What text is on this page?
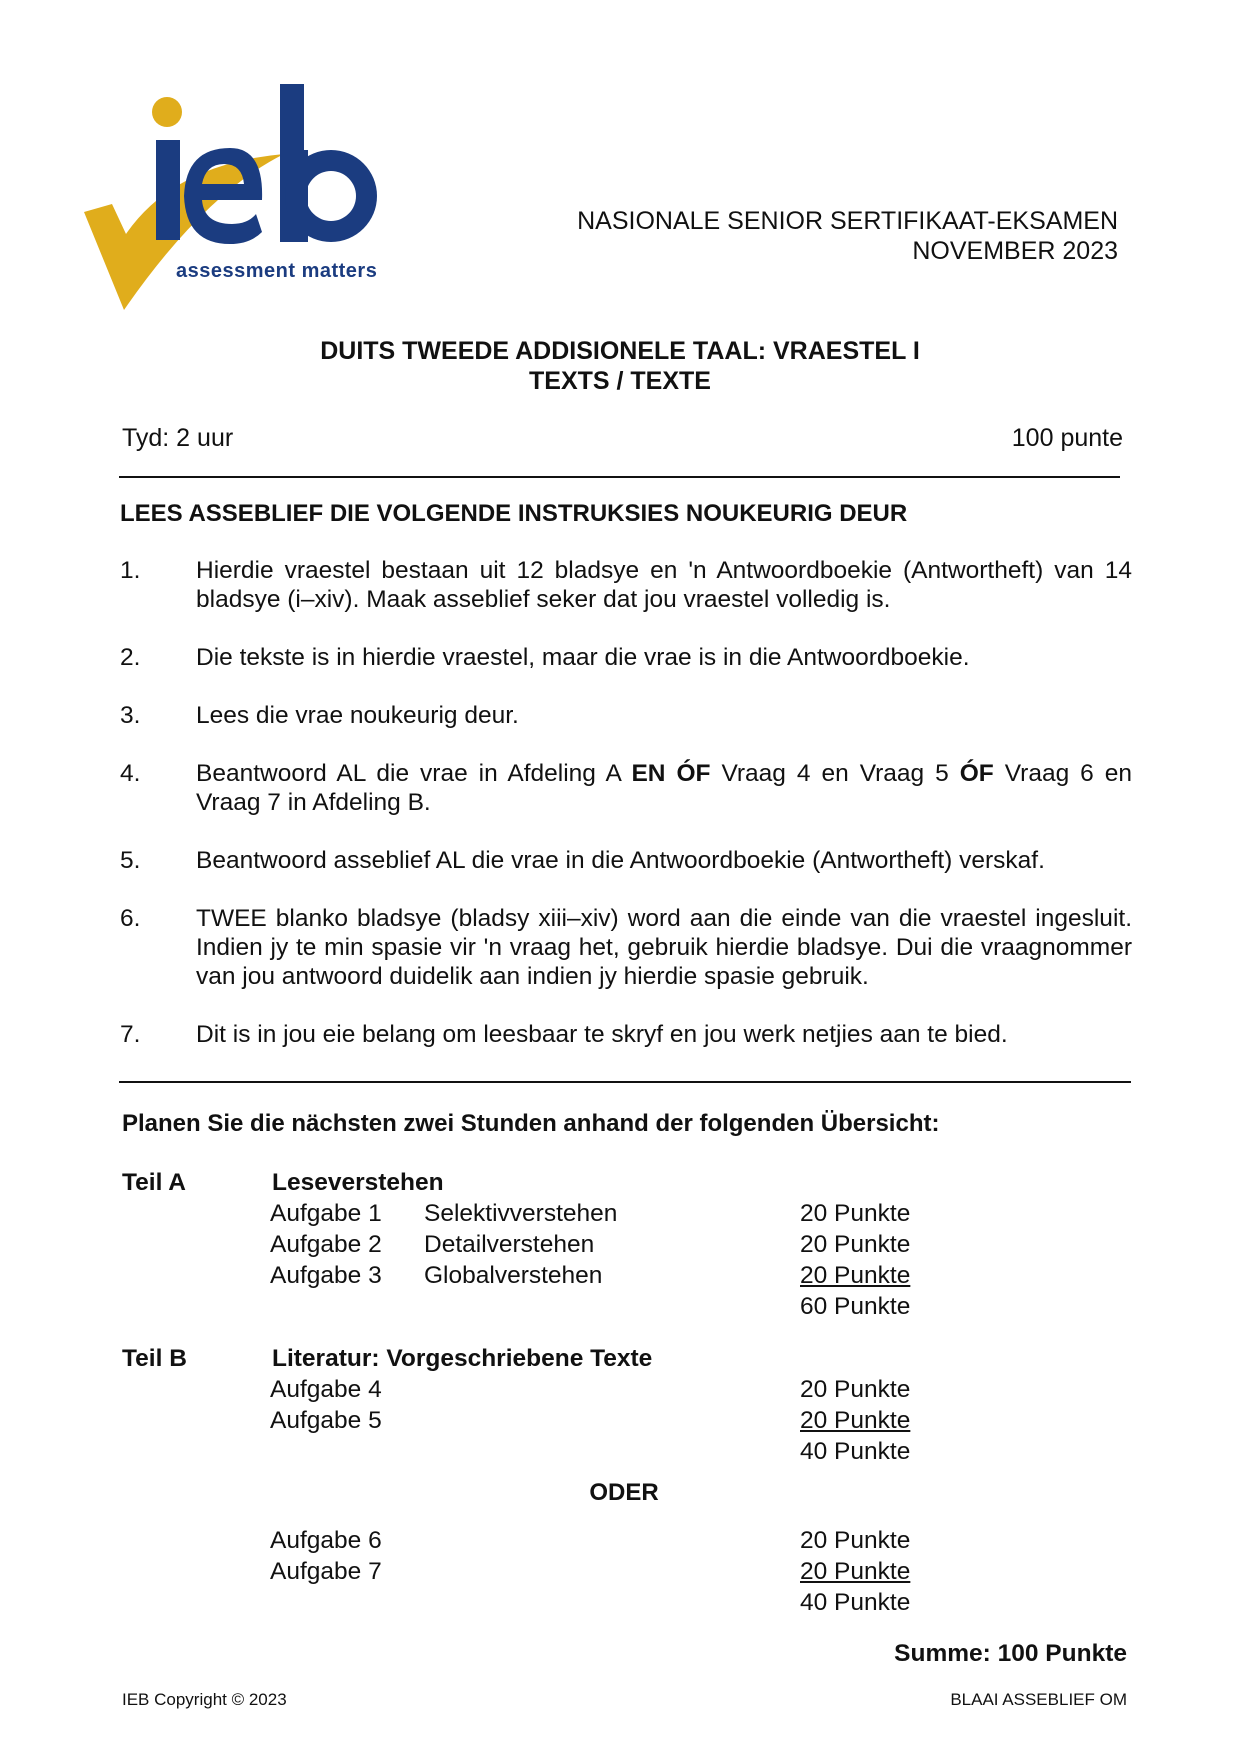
assessment matters
NASIONALE SENIOR SERTIFIKAAT-EKSAMEN
NOVEMBER 2023
DUITS TWEEDE ADDISIONELE TAAL: VRAESTEL I
TEXTS / TEXTE
Tyd: 2 uur	100 punte
LEES ASSEBLIEF DIE VOLGENDE INSTRUKSIES NOUKEURIG DEUR
1.	Hierdie vraestel bestaan uit 12 bladsye en 'n Antwoordboekie (Antwortheft) van 14 bladsye (i–xiv). Maak asseblief seker dat jou vraestel volledig is.
2.	Die tekste is in hierdie vraestel, maar die vrae is in die Antwoordboekie.
3.	Lees die vrae noukeurig deur.
4.	Beantwoord AL die vrae in Afdeling A EN ÓF Vraag 4 en Vraag 5 ÓF Vraag 6 en Vraag 7 in Afdeling B.
5.	Beantwoord asseblief AL die vrae in die Antwoordboekie (Antwortheft) verskaf.
6.	TWEE blanko bladsye (bladsy xiii–xiv) word aan die einde van die vraestel ingesluit. Indien jy te min spasie vir 'n vraag het, gebruik hierdie bladsye. Dui die vraagnommer van jou antwoord duidelik aan indien jy hierdie spasie gebruik.
7.	Dit is in jou eie belang om leesbaar te skryf en jou werk netjies aan te bied.
Planen Sie die nächsten zwei Stunden anhand der folgenden Übersicht:
Teil A	Leseverstehen
Aufgabe 1 Selektivverstehen	20 Punkte
Aufgabe 2 Detailverstehen	20 Punkte
Aufgabe 3 Globalverstehen	20 Punkte
60 Punkte
Teil B	Literatur: Vorgeschriebene Texte
Aufgabe 4	20 Punkte
Aufgabe 5	20 Punkte
40 Punkte
ODER
Aufgabe 6	20 Punkte
Aufgabe 7	20 Punkte
40 Punkte
Summe: 100 Punkte
IEB Copyright © 2023	BLAAI ASSEBLIEF OM
